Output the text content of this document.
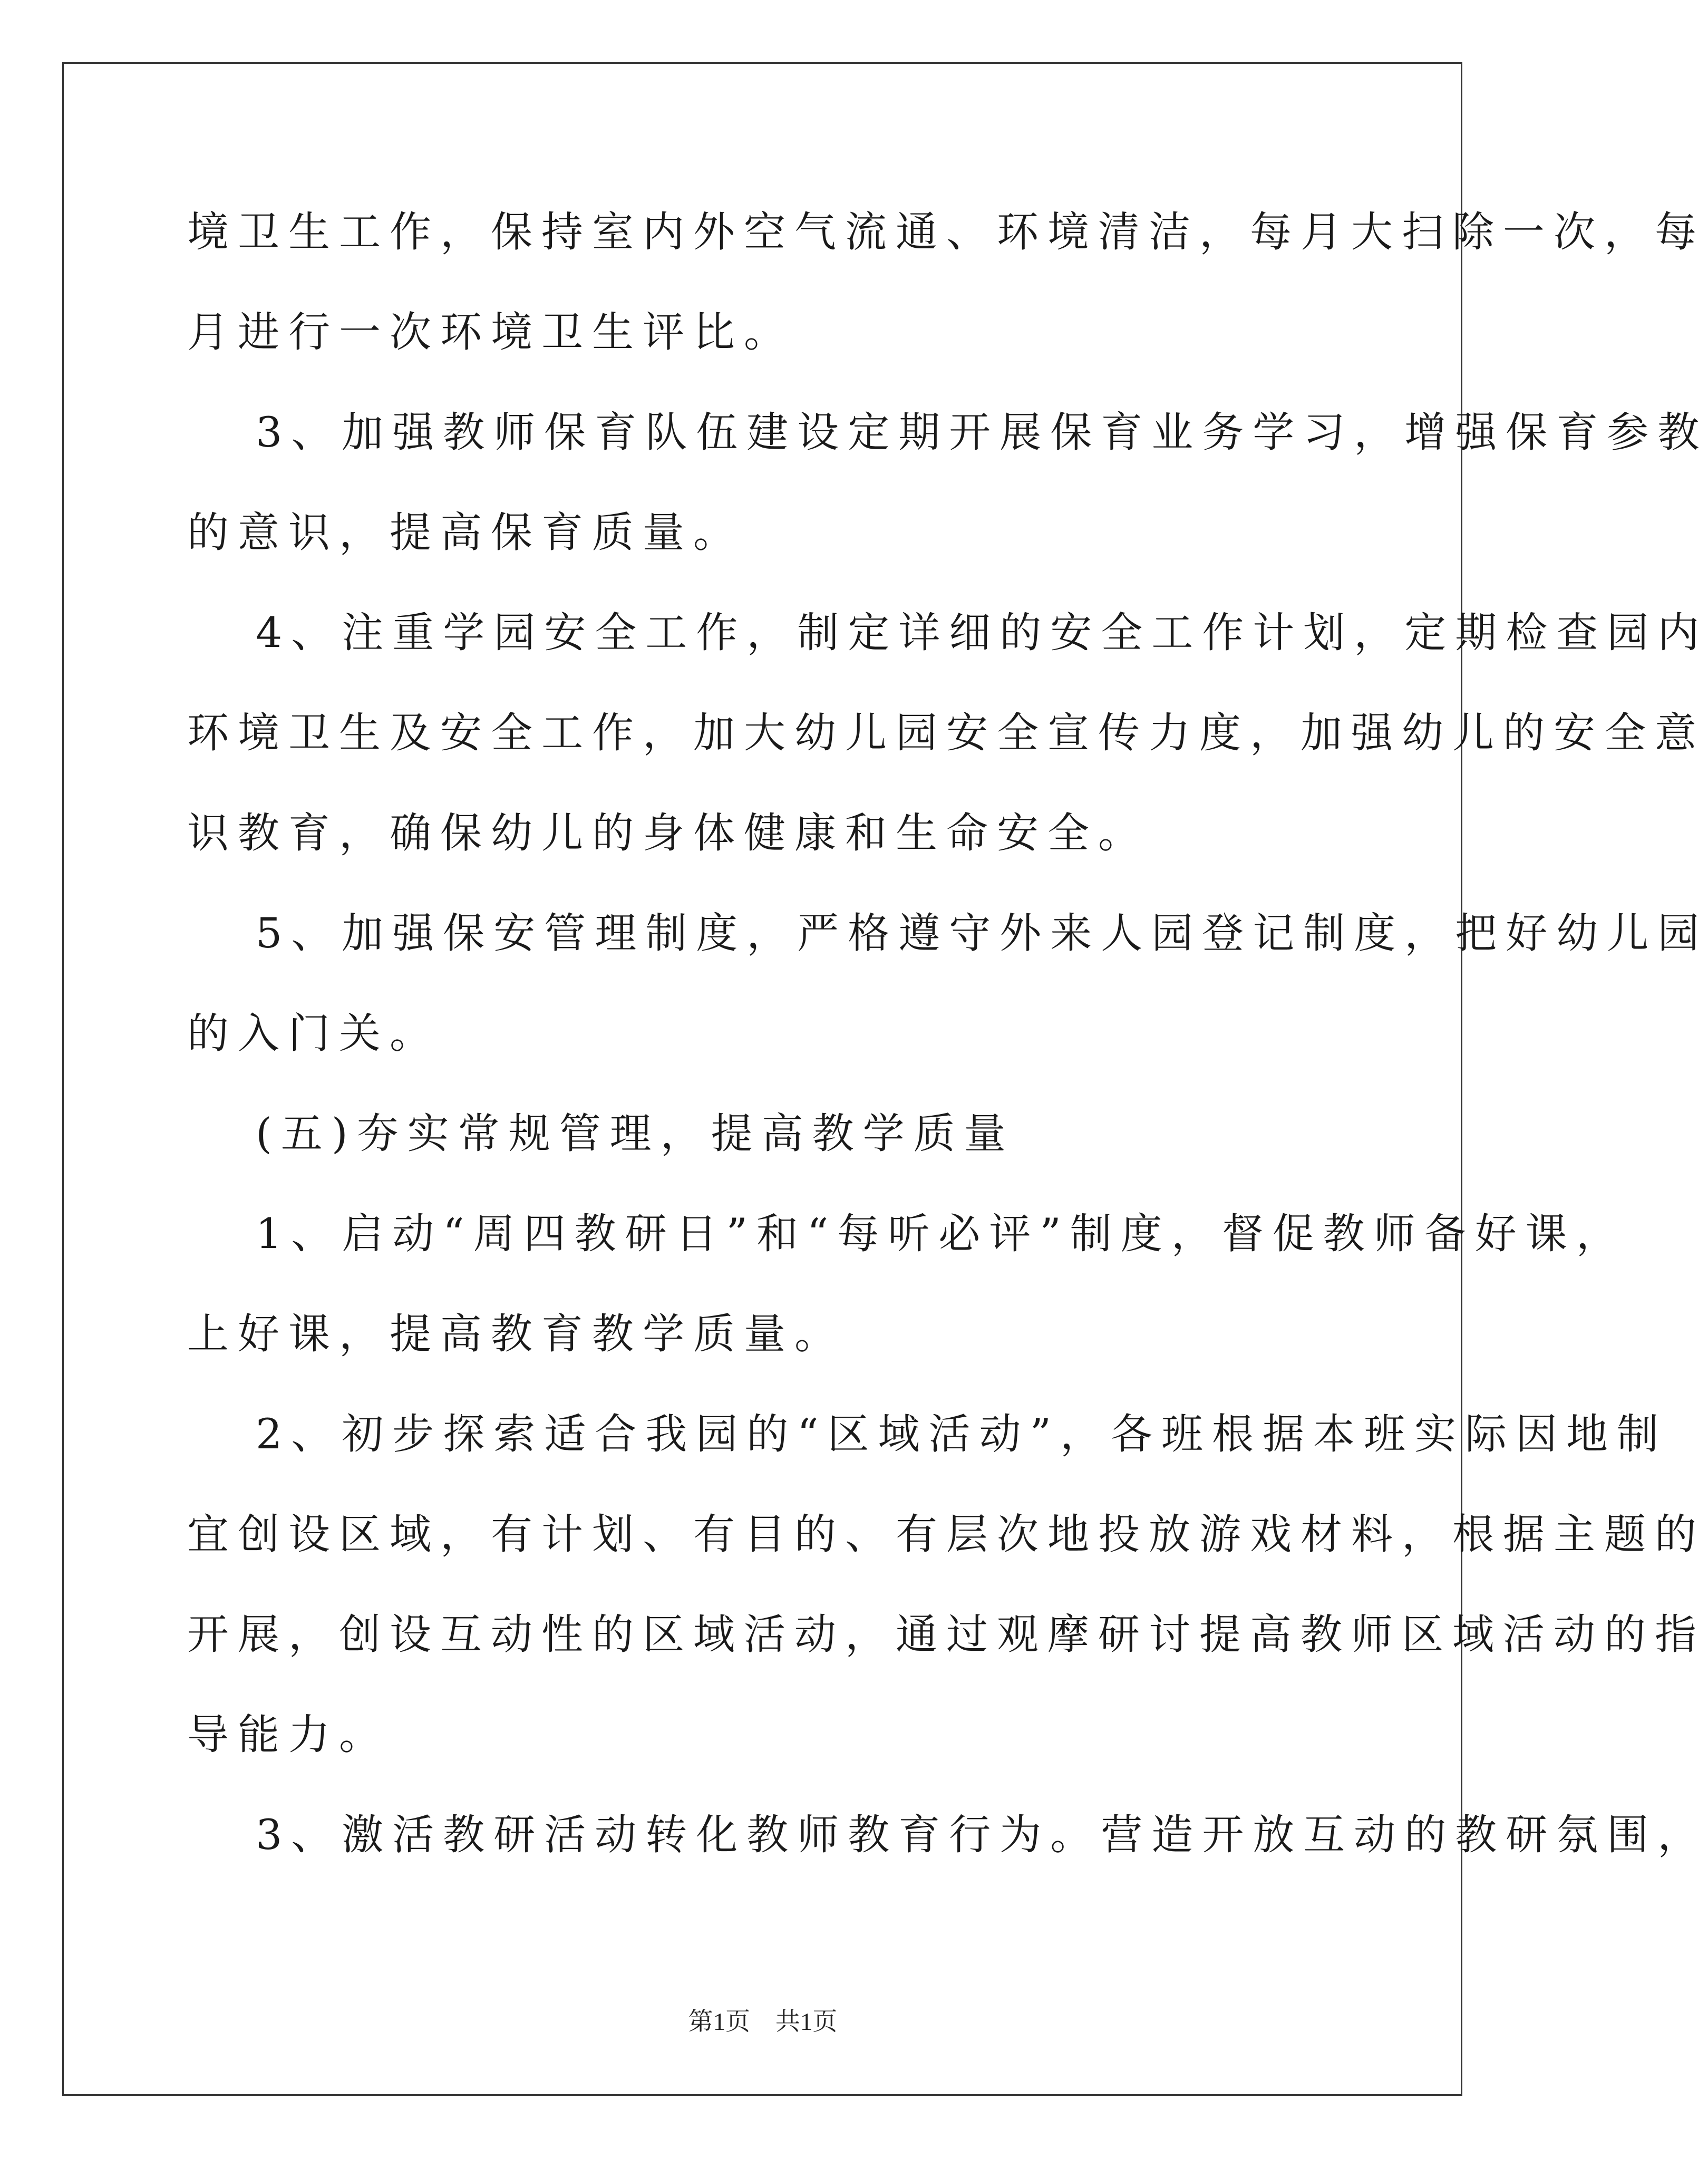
境卫生工作，保持室内外空气流通、环境清洁，每月大扫除一次，每
月进行一次环境卫生评比。
3、加强教师保育队伍建设定期开展保育业务学习，增强保育参教
的意识，提高保育质量。
4、注重学园安全工作，制定详细的安全工作计划，定期检查园内
环境卫生及安全工作，加大幼儿园安全宣传力度，加强幼儿的安全意
识教育，确保幼儿的身体健康和生命安全。
5、加强保安管理制度，严格遵守外来人园登记制度，把好幼儿园
的入门关。
(五)夯实常规管理，提高教学质量
1、启动“周四教研日”和“每听必评”制度，督促教师备好课，
上好课，提高教育教学质量。
2、初步探索适合我园的“区域活动”，各班根据本班实际因地制
宜创设区域，有计划、有目的、有层次地投放游戏材料，根据主题的
开展，创设互动性的区域活动，通过观摩研讨提高教师区域活动的指
导能力。
3、激活教研活动转化教师教育行为。营造开放互动的教研氛围，
第1页 共1页
